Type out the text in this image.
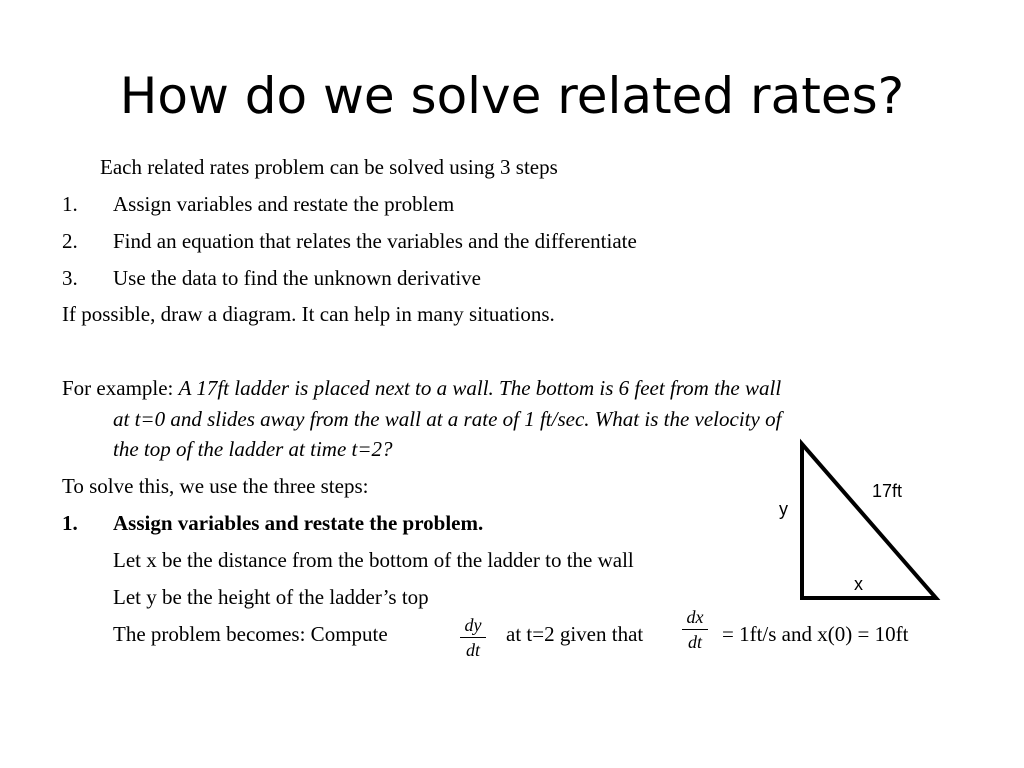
How do we solve related rates?
Each related rates problem can be solved using 3 steps
1. Assign variables and restate the problem
2. Find an equation that relates the variables and the differentiate
3. Use the data to find the unknown derivative
If possible, draw a diagram. It can help in many situations.
For example: A 17ft ladder is placed next to a wall. The bottom is 6 feet from the wall
at t=0 and slides away from the wall at a rate of 1 ft/sec. What is the velocity of
the top of the ladder at time t=2?
To solve this, we use the three steps:
1. Assign variables and restate the problem.
Let x be the distance from the bottom of the ladder to the wall
Let y be the height of the ladder’s top
The problem becomes: Compute	dy
dt
at t=2 given that
dx
dt = 1ft/s and x(0) = 10ft
y
17ft
x
